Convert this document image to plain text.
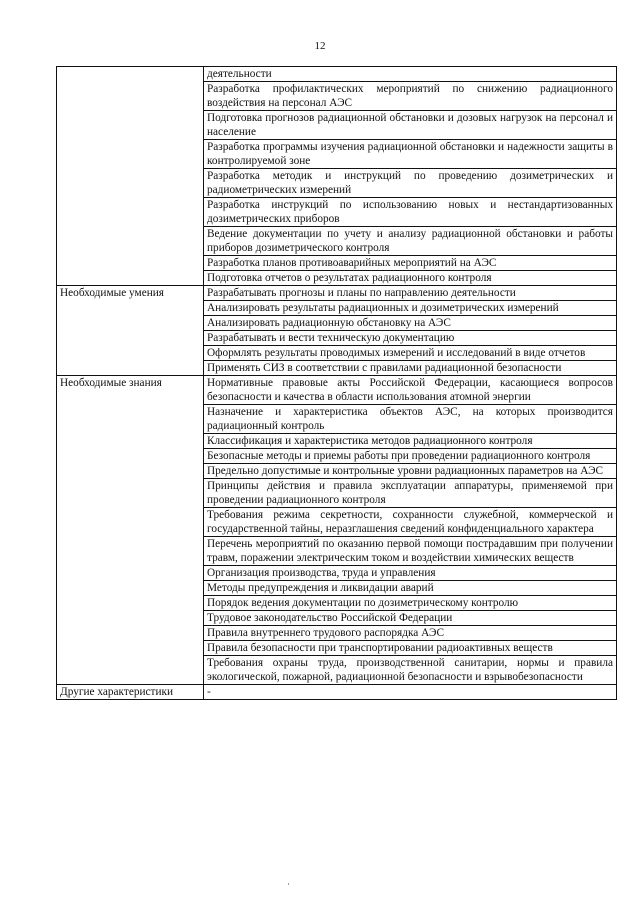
12
	деятельности
	Разработка профилактических мероприятий по снижению радиационного воздействия на персонал АЭС
	Подготовка прогнозов радиационной обстановки и дозовых нагрузок на персонал и население
	Разработка программы изучения радиационной обстановки и надежности защиты в контролируемой зоне
	Разработка методик и инструкций по проведению дозиметрических и радиометрических измерений
	Разработка инструкций по использованию новых и нестандартизованных дозиметрических приборов
	Ведение документации по учету и анализу радиационной обстановки и работы приборов дозиметрического контроля
	Разработка планов противоаварийных мероприятий на АЭС
	Подготовка отчетов о результатах радиационного контроля
Необходимые умения	Разрабатывать прогнозы и планы по направлению деятельности
	Анализировать результаты радиационных и дозиметрических измерений
	Анализировать радиационную обстановку на АЭС
	Разрабатывать и вести техническую документацию
	Оформлять результаты проводимых измерений и исследований в виде отчетов
	Применять СИЗ в соответствии с правилами радиационной безопасности
Необходимые знания	Нормативные правовые акты Российской Федерации, касающиеся вопросов безопасности и качества в области использования атомной энергии
	Назначение и характеристика объектов АЭС, на которых производится радиационный контроль
	Классификация и характеристика методов радиационного контроля
	Безопасные методы и приемы работы при проведении радиационного контроля
	Предельно допустимые и контрольные уровни радиационных параметров на АЭС
	Принципы действия и правила эксплуатации аппаратуры, применяемой при проведении радиационного контроля
	Требования режима секретности, сохранности служебной, коммерческой и государственной тайны, неразглашения сведений конфиденциального характера
	Перечень мероприятий по оказанию первой помощи пострадавшим при получении травм, поражении электрическим током и воздействии химических веществ
	Организация производства, труда и управления
	Методы предупреждения и ликвидации аварий
	Порядок ведения документации по дозиметрическому контролю
	Трудовое законодательство Российской Федерации
	Правила внутреннего трудового распорядка АЭС
	Правила безопасности при транспортировании радиоактивных веществ
	Требования охраны труда, производственной санитарии, нормы и правила экологической, пожарной, радиационной безопасности и взрывобезопасности
Другие характеристики	-
·
